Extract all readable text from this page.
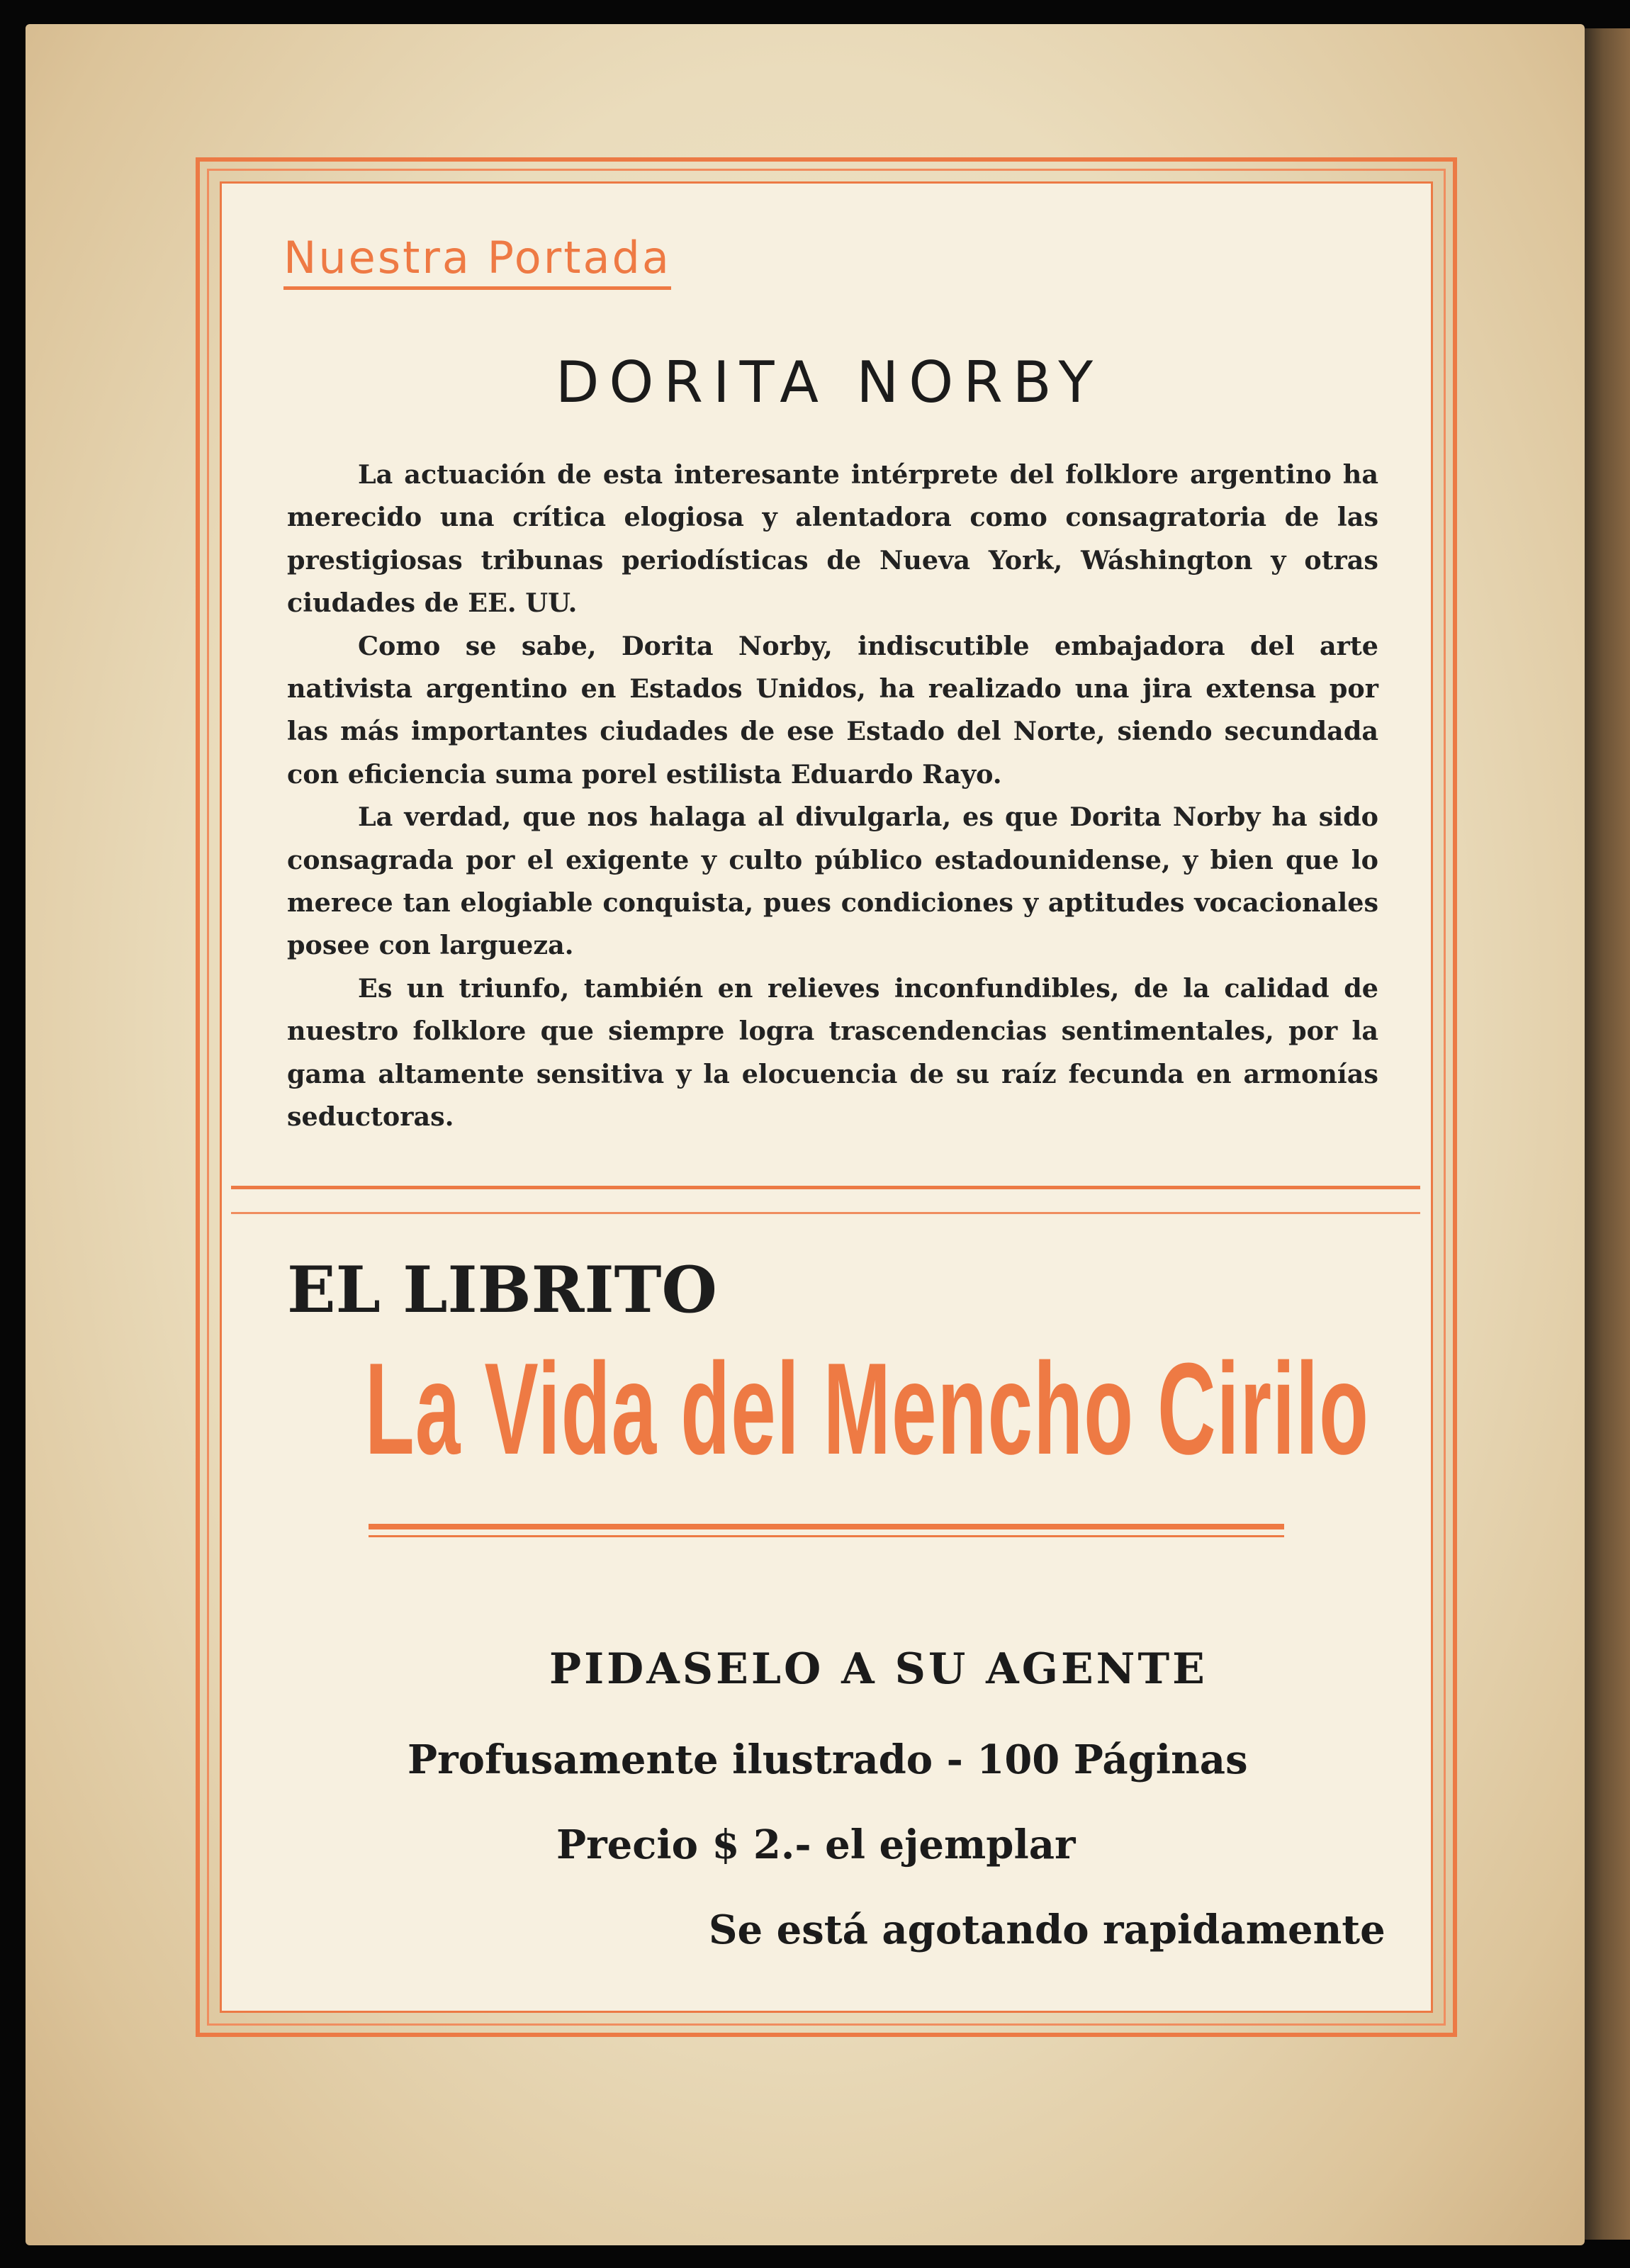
Nuestra Portada
DORITA NORBY

La actuación de esta interesante intérprete del folklore argentino ha merecido una crítica elogiosa y alentadora como consagratoria de las prestigiosas tribunas periodísticas de Nueva York, Wáshington y otras ciudades de EE. UU.

Como se sabe, Dorita Norby, indiscutible embajadora del arte nativista argentino en Estados Unidos, ha realizado una jira extensa por las más importantes ciudades de ese Estado del Norte, siendo secundada con eficiencia suma porel estilista Eduardo Rayo.

La verdad, que nos halaga al divulgarla, es que Dorita Norby ha sido consagrada por el exigente y culto público estadounidense, y bien que lo merece tan elogiable conquista, pues condiciones y aptitudes vocacionales posee con largueza.

Es un triunfo, también en relieves inconfundibles, de la calidad de nuestro folklore que siempre logra trascendencias sentimentales, por la gama altamente sensitiva y la elocuencia de su raíz fecunda en armonías seductoras.

EL LIBRITO
La Vida del Mencho Cirilo
PIDASELO A SU AGENTE
Profusamente ilustrado - 100 Páginas
Precio $ 2.- el ejemplar
Se está agotando rapidamente
